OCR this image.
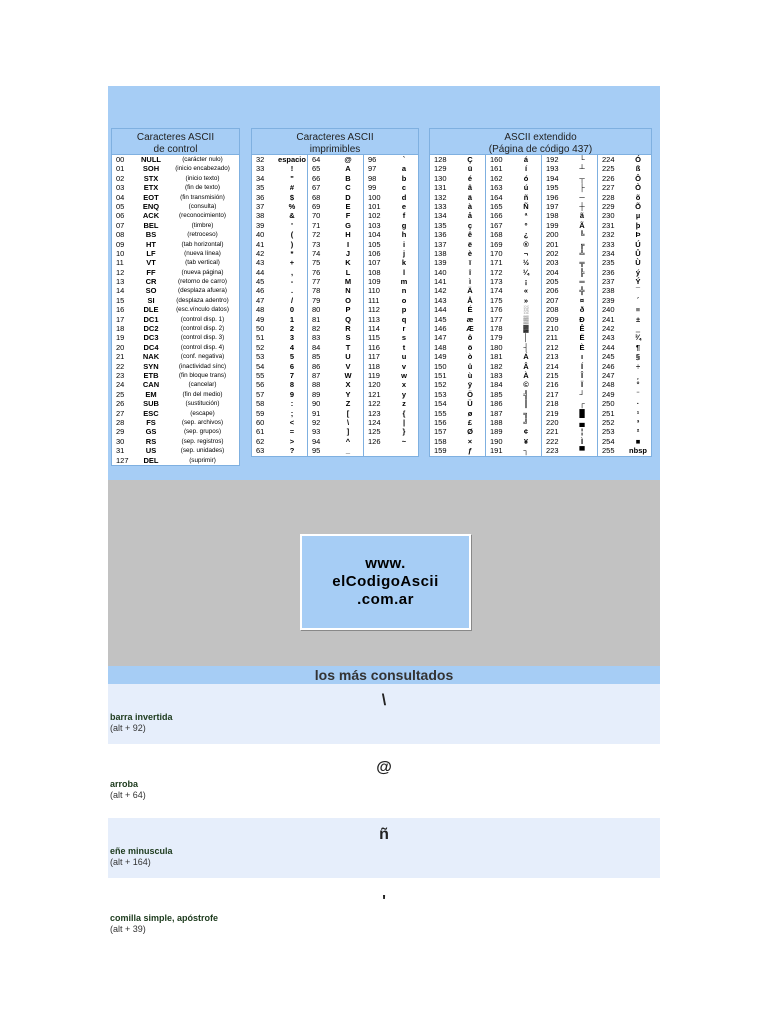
Caracteres ASCII
de control
00	NULL	(carácter nulo)
01	SOH	(inicio encabezado)
02	STX	(inicio texto)
03	ETX	(fin de texto)
04	EOT	(fin transmisión)
05	ENQ	(consulta)
06	ACK	(reconocimiento)
07	BEL	(timbre)
08	BS	(retroceso)
09	HT	(tab horizontal)
10	LF	(nueva línea)
11	VT	(tab vertical)
12	FF	(nueva página)
13	CR	(retorno de carro)
14	SO	(desplaza afuera)
15	SI	(desplaza adentro)
16	DLE	(esc.vínculo datos)
17	DC1	(control disp. 1)
18	DC2	(control disp. 2)
19	DC3	(control disp. 3)
20	DC4	(control disp. 4)
21	NAK	(conf. negativa)
22	SYN	(inactividad sínc)
23	ETB	(fin bloque trans)
24	CAN	(cancelar)
25	EM	(fin del medio)
26	SUB	(sustitución)
27	ESC	(escape)
28	FS	(sep. archivos)
29	GS	(sep. grupos)
30	RS	(sep. registros)
31	US	(sep. unidades)
127	DEL	(suprimir)
Caracteres ASCII
imprimibles
32	espacio
33	!
34	"
35	#
36	$
37	%
38	&
39	'
40	(
41	)
42	*
43	+
44	,
45	-
46	.
47	/
48	0
49	1
50	2
51	3
52	4
53	5
54	6
55	7
56	8
57	9
58	:
59	;
60	<
61	=
62	>
63	?
64	@
65	A
66	B
67	C
68	D
69	E
70	F
71	G
72	H
73	I
74	J
75	K
76	L
77	M
78	N
79	O
80	P
81	Q
82	R
83	S
84	T
85	U
86	V
87	W
88	X
89	Y
90	Z
91	[
92	\
93	]
94	^
95	_
96	`
97	a
98	b
99	c
100	d
101	e
102	f
103	g
104	h
105	i
106	j
107	k
108	l
109	m
110	n
111	o
112	p
113	q
114	r
115	s
116	t
117	u
118	v
119	w
120	x
121	y
122	z
123	{
124	|
125	}
126	~
ASCII extendido
(Página de código 437)
128	Ç
129	ü
130	é
131	â
132	ä
133	à
134	å
135	ç
136	ê
137	ë
138	è
139	ï
140	î
141	ì
142	Ä
143	Å
144	É
145	æ
146	Æ
147	ô
148	ö
149	ò
150	û
151	ù
152	ÿ
153	Ö
154	Ü
155	ø
156	£
157	Ø
158	×
159	ƒ
160	á
161	í
162	ó
163	ú
164	ñ
165	Ñ
166	ª
167	º
168	¿
169	®
170	¬
171	½
172	¼
173	¡
174	«
175	»
176	░
177	▒
178	▓
179	│
180	┤
181	Á
182	Â
183	À
184	©
185	╣
186	║
187	╗
188	╝
189	¢
190	¥
191	┐
192	└
193	┴
194	┬
195	├
196	─
197	┼
198	ã
199	Ã
200	╚
201	╔
202	╩
203	╦
204	╠
205	═
206	╬
207	¤
208	ð
209	Ð
210	Ê
211	Ë
212	È
213	ı
214	Í
215	Î
216	Ï
217	┘
218	┌
219	█
220	▄
221	¦
222	Ì
223	▀
224	Ó
225	ß
226	Ô
227	Ò
228	õ
229	Õ
230	µ
231	þ
232	Þ
233	Ú
234	Û
235	Ù
236	ý
237	Ý
238	¯
239	´
240	≡
241	±
242	‗
243	¾
244	¶
245	§
246	÷
247	¸
248	°
249	¨
250	·
251	¹
252	³
253	²
254	■
255	nbsp
www.
elCodigoAscii
.com.ar
los más consultados
\
barra invertida
(alt + 92)
@
arroba
(alt + 64)
ñ
eñe minuscula
(alt + 164)
'
comilla simple, apóstrofe
(alt + 39)
